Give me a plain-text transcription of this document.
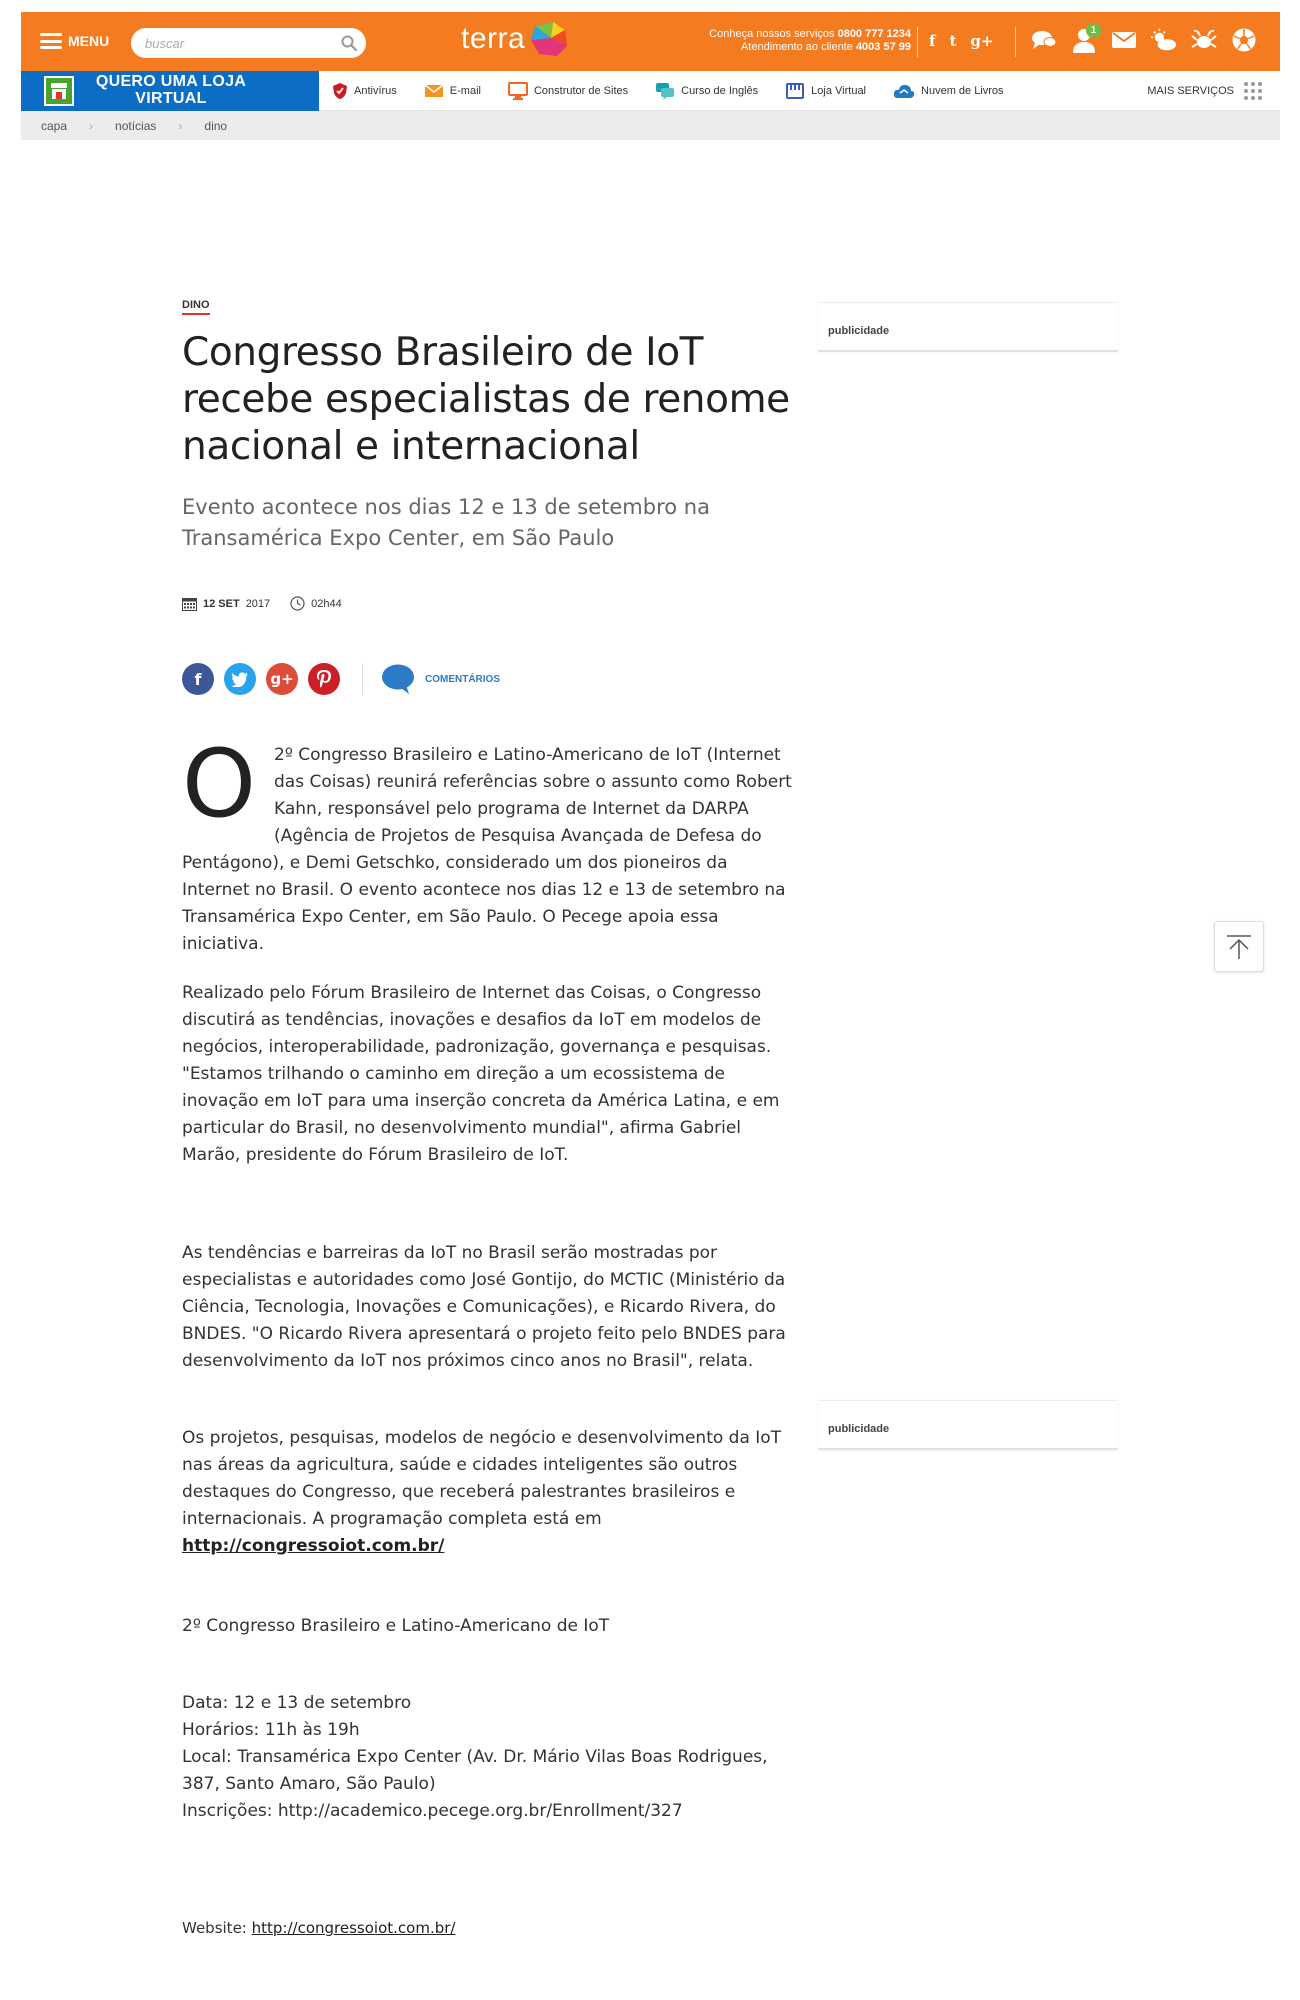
MENU
buscar	terra	Conheça nossos serviços 0800 777 1234
Atendimento ao cliente 4003 57 99 f t g+
1
QUERO UMA LOJA VIRTUAL	Antivírus	E-mail	Construtor de Sites	Curso de Inglês	Loja Virtual	Nuvem de Livros	MAIS SERVIÇOS
capa › notícias › dino
DINO
Congresso Brasileiro de IoT recebe especialistas de renome nacional e internacional
Evento acontece nos dias 12 e 13 de setembro na Transamérica Expo Center, em São Paulo
12 SET 2017	02h44
f	g+	COMENTÁRIOS
O 2º Congresso Brasileiro e Latino-Americano de IoT (Internet das Coisas) reunirá referências sobre o assunto como Robert Kahn, responsável pelo programa de Internet da DARPA (Agência de Projetos de Pesquisa Avançada de Defesa do Pentágono), e Demi Getschko, considerado um dos pioneiros da Internet no Brasil. O evento acontece nos dias 12 e 13 de setembro na Transamérica Expo Center, em São Paulo. O Pecege apoia essa iniciativa.
Realizado pelo Fórum Brasileiro de Internet das Coisas, o Congresso discutirá as tendências, inovações e desafios da IoT em modelos de negócios, interoperabilidade, padronização, governança e pesquisas. "Estamos trilhando o caminho em direção a um ecossistema de inovação em IoT para uma inserção concreta da América Latina, e em particular do Brasil, no desenvolvimento mundial", afirma Gabriel Marão, presidente do Fórum Brasileiro de IoT.
As tendências e barreiras da IoT no Brasil serão mostradas por especialistas e autoridades como José Gontijo, do MCTIC (Ministério da Ciência, Tecnologia, Inovações e Comunicações), e Ricardo Rivera, do BNDES. "O Ricardo Rivera apresentará o projeto feito pelo BNDES para desenvolvimento da IoT nos próximos cinco anos no Brasil", relata.
Os projetos, pesquisas, modelos de negócio e desenvolvimento da IoT nas áreas da agricultura, saúde e cidades inteligentes são outros destaques do Congresso, que receberá palestrantes brasileiros e internacionais. A programação completa está em
http://congressoiot.com.br/
2º Congresso Brasileiro e Latino-Americano de IoT
Data: 12 e 13 de setembro
Horários: 11h às 19h
Local: Transamérica Expo Center (Av. Dr. Mário Vilas Boas Rodrigues, 387, Santo Amaro, São Paulo)
Inscrições: http://academico.pecege.org.br/Enrollment/327
Website: http://congressoiot.com.br/
publicidade
publicidade
